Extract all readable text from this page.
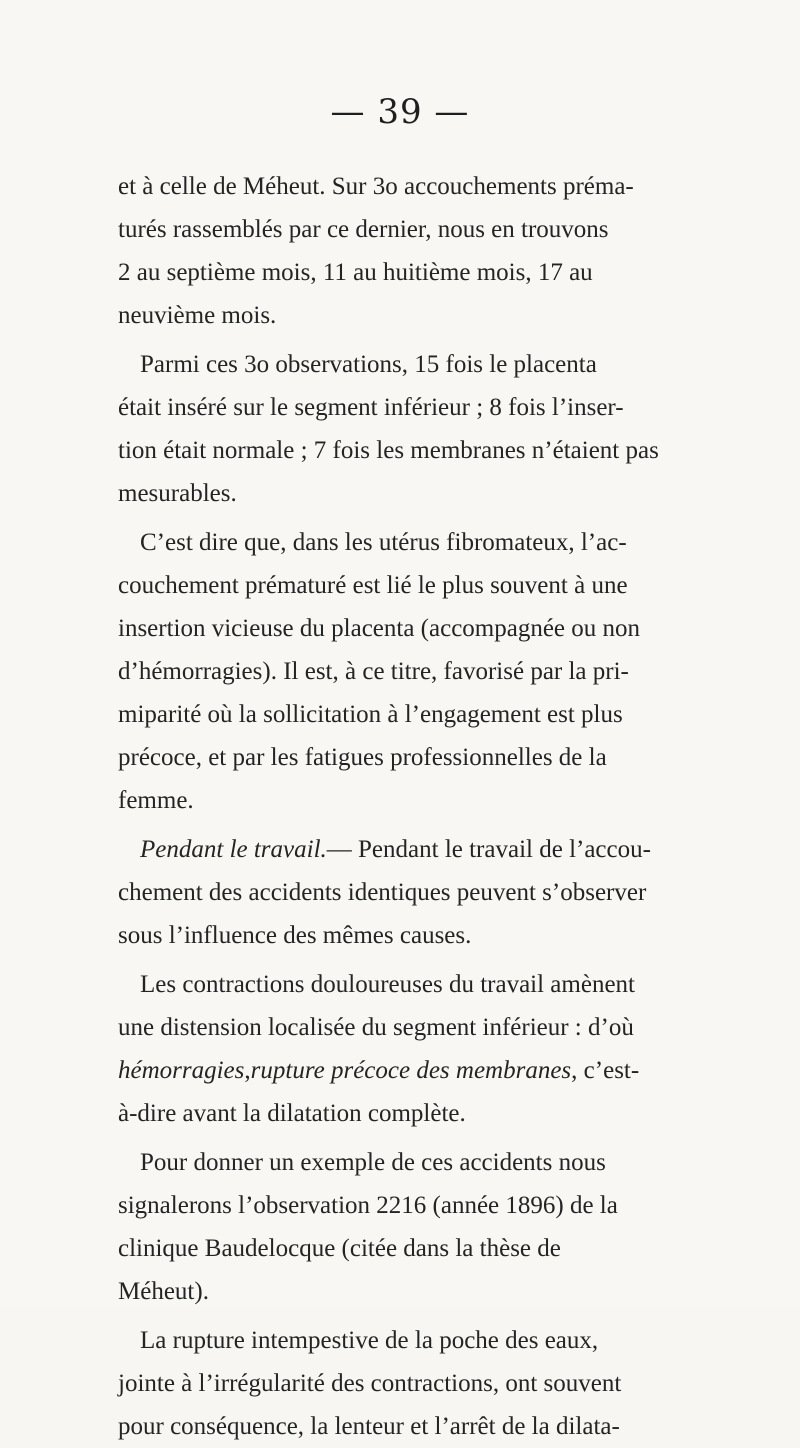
— 39 —
et à celle de Méheut. Sur 3o accouchements préma-
turés rassemblés par ce dernier, nous en trouvons
2 au septième mois, 11 au huitième mois, 17 au
neuvième mois.
Parmi ces 3o observations, 15 fois le placenta
était inséré sur le segment inférieur ; 8 fois l’inser-
tion était normale ; 7 fois les membranes n’étaient pas
mesurables.
C’est dire que, dans les utérus fibromateux, l’ac-
couchement prématuré est lié le plus souvent à une
insertion vicieuse du placenta (accompagnée ou non
d’hémorragies). Il est, à ce titre, favorisé par la pri-
miparité où la sollicitation à l’engagement est plus
précoce, et par les fatigues professionnelles de la
femme.
Pendant le travail.— Pendant le travail de l’accou-
chement des accidents identiques peuvent s’observer
sous l’influence des mêmes causes.
Les contractions douloureuses du travail amènent
une distension localisée du segment inférieur : d’où
hémorragies,rupture précoce des membranes, c’est-
à-dire avant la dilatation complète.
Pour donner un exemple de ces accidents nous
signalerons l’observation 2216 (année 1896) de la
clinique Baudelocque (citée dans la thèse de
Méheut).
La rupture intempestive de la poche des eaux,
jointe à l’irrégularité des contractions, ont souvent
pour conséquence, la lenteur et l’arrêt de la dilata-
